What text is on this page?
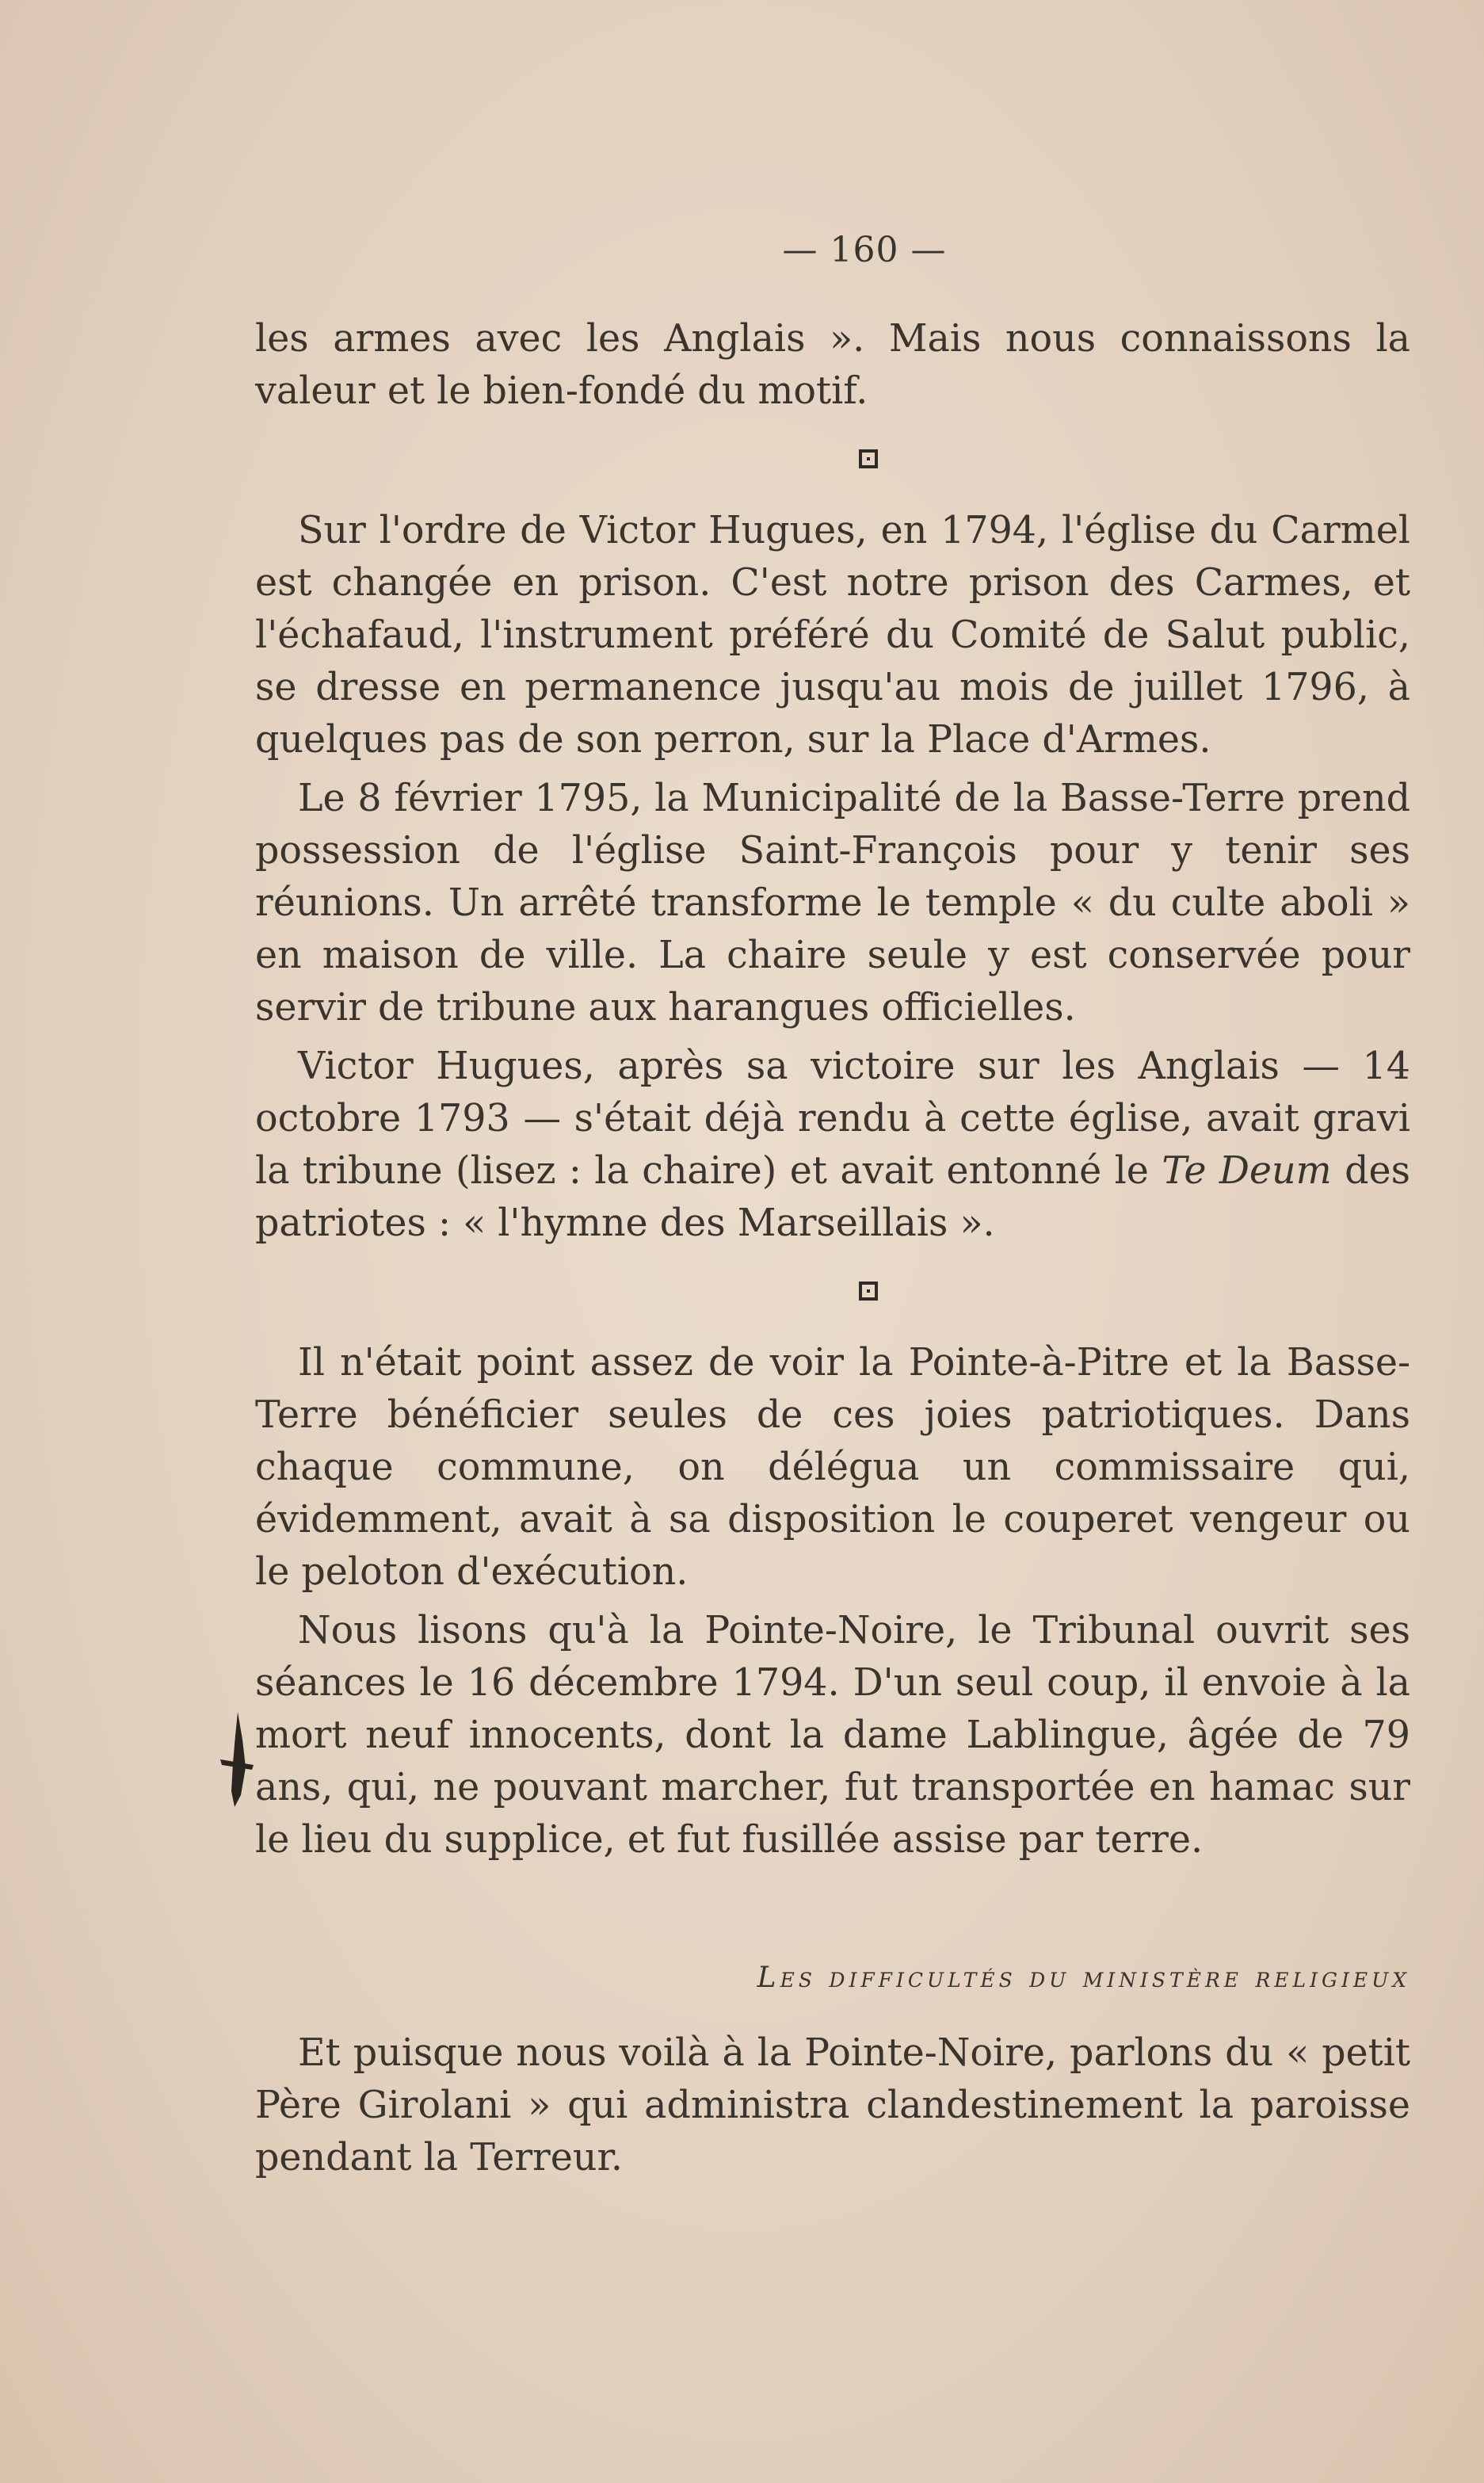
— 160 —

les armes avec les Anglais ». Mais nous connaissons la valeur et le bien-fondé du motif.

Sur l'ordre de Victor Hugues, en 1794, l'église du Carmel est changée en prison. C'est notre prison des Carmes, et l'échafaud, l'instrument préféré du Comité de Salut public, se dresse en permanence jusqu'au mois de juillet 1796, à quelques pas de son perron, sur la Place d'Armes.

Le 8 février 1795, la Municipalité de la Basse-Terre prend possession de l'église Saint-François pour y tenir ses réunions. Un arrêté transforme le temple « du culte aboli » en maison de ville. La chaire seule y est conservée pour servir de tribune aux harangues officielles.

Victor Hugues, après sa victoire sur les Anglais — 14 octobre 1793 — s'était déjà rendu à cette église, avait gravi la tribune (lisez : la chaire) et avait entonné le Te Deum des patriotes : « l'hymne des Marseillais ».

Il n'était point assez de voir la Pointe-à-Pitre et la Basse-Terre bénéficier seules de ces joies patriotiques. Dans chaque commune, on délégua un commissaire qui, évidemment, avait à sa disposition le couperet vengeur ou le peloton d'exécution.

Nous lisons qu'à la Pointe-Noire, le Tribunal ouvrit ses séances le 16 décembre 1794. D'un seul coup, il envoie à la mort neuf innocents, dont la dame Lablingue, âgée de 79 ans, qui, ne pouvant marcher, fut transportée en hamac sur le lieu du supplice, et fut fusillée assise par terre.

Les difficultés du ministère religieux

Et puisque nous voilà à la Pointe-Noire, parlons du « petit Père Girolani » qui administra clandestinement la paroisse pendant la Terreur.
